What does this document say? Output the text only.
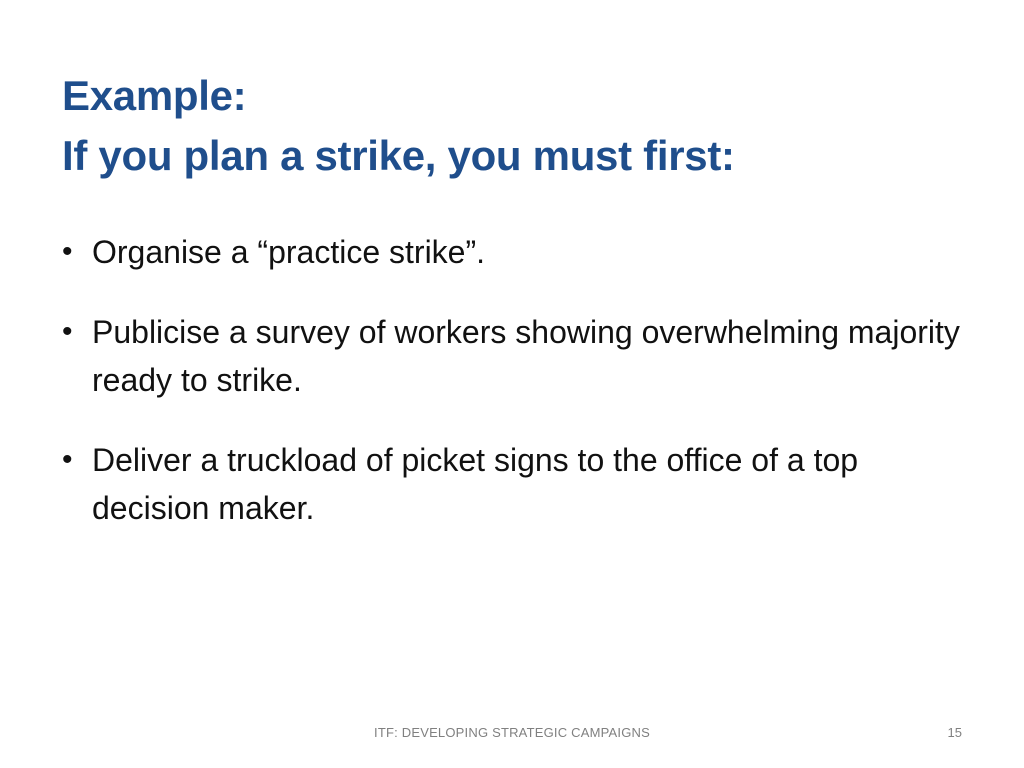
Example:
If you plan a strike, you must first:
• Organise a “practice strike”.
• Publicise a survey of workers showing overwhelming majority ready to strike.
• Deliver a truckload of picket signs to the office of a top decision maker.
ITF: DEVELOPING STRATEGIC CAMPAIGNS	15
